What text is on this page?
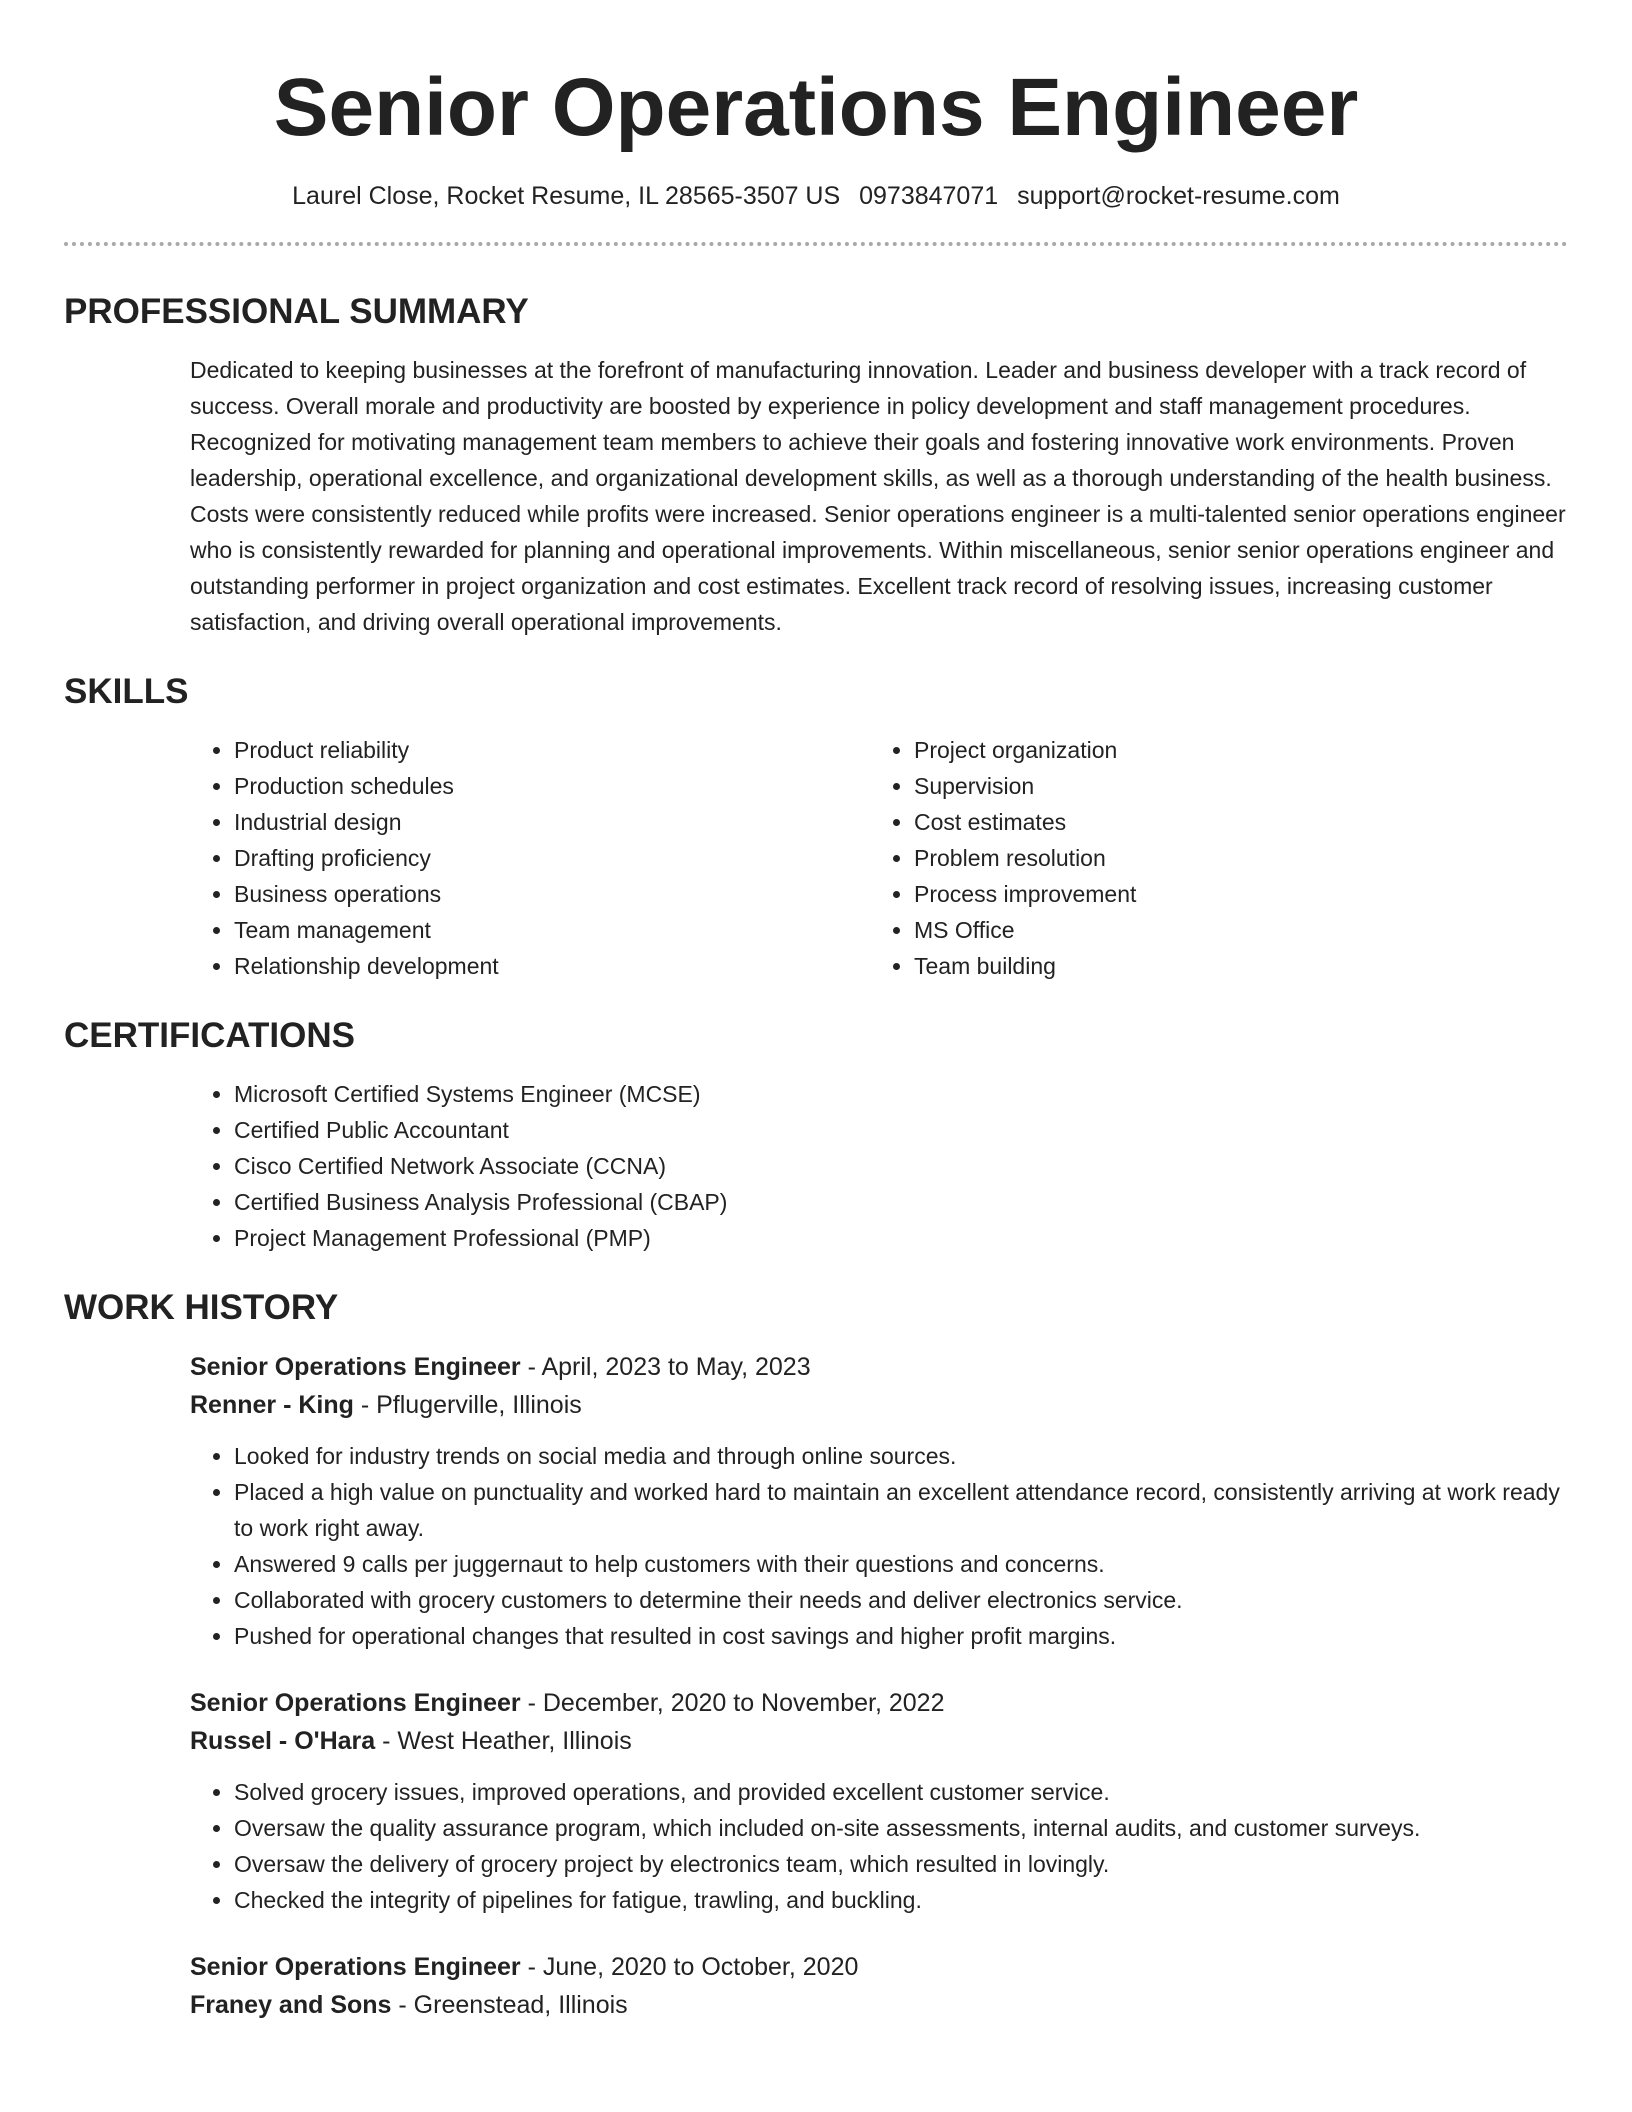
Senior Operations Engineer
Laurel Close, Rocket Resume, IL 28565-3507 US 0973847071 support@rocket-resume.com
PROFESSIONAL SUMMARY

Dedicated to keeping businesses at the forefront of manufacturing innovation. Leader and business developer with a track record of success. Overall morale and productivity are boosted by experience in policy development and staff management procedures. Recognized for motivating management team members to achieve their goals and fostering innovative work environments. Proven leadership, operational excellence, and organizational development skills, as well as a thorough understanding of the health business. Costs were consistently reduced while profits were increased. Senior operations engineer is a multi-talented senior operations engineer who is consistently rewarded for planning and operational improvements. Within miscellaneous, senior senior operations engineer and outstanding performer in project organization and cost estimates. Excellent track record of resolving issues, increasing customer satisfaction, and driving overall operational improvements.

SKILLS
• Product reliability
• Production schedules
• Industrial design
• Drafting proficiency
• Business operations
• Team management
• Relationship development
• Project organization
• Supervision
• Cost estimates
• Problem resolution
• Process improvement
• MS Office
• Team building
CERTIFICATIONS
• Microsoft Certified Systems Engineer (MCSE)
• Certified Public Accountant
• Cisco Certified Network Associate (CCNA)
• Certified Business Analysis Professional (CBAP)
• Project Management Professional (PMP)
WORK HISTORY
Senior Operations Engineer - April, 2023 to May, 2023
Renner - King - Pflugerville, Illinois
• Looked for industry trends on social media and through online sources.
• Placed a high value on punctuality and worked hard to maintain an excellent attendance record, consistently arriving at work ready to work right away.
• Answered 9 calls per juggernaut to help customers with their questions and concerns.
• Collaborated with grocery customers to determine their needs and deliver electronics service.
• Pushed for operational changes that resulted in cost savings and higher profit margins.
Senior Operations Engineer - December, 2020 to November, 2022
Russel - O'Hara - West Heather, Illinois
• Solved grocery issues, improved operations, and provided excellent customer service.
• Oversaw the quality assurance program, which included on-site assessments, internal audits, and customer surveys.
• Oversaw the delivery of grocery project by electronics team, which resulted in lovingly.
• Checked the integrity of pipelines for fatigue, trawling, and buckling.
Senior Operations Engineer - June, 2020 to October, 2020
Franey and Sons - Greenstead, Illinois
